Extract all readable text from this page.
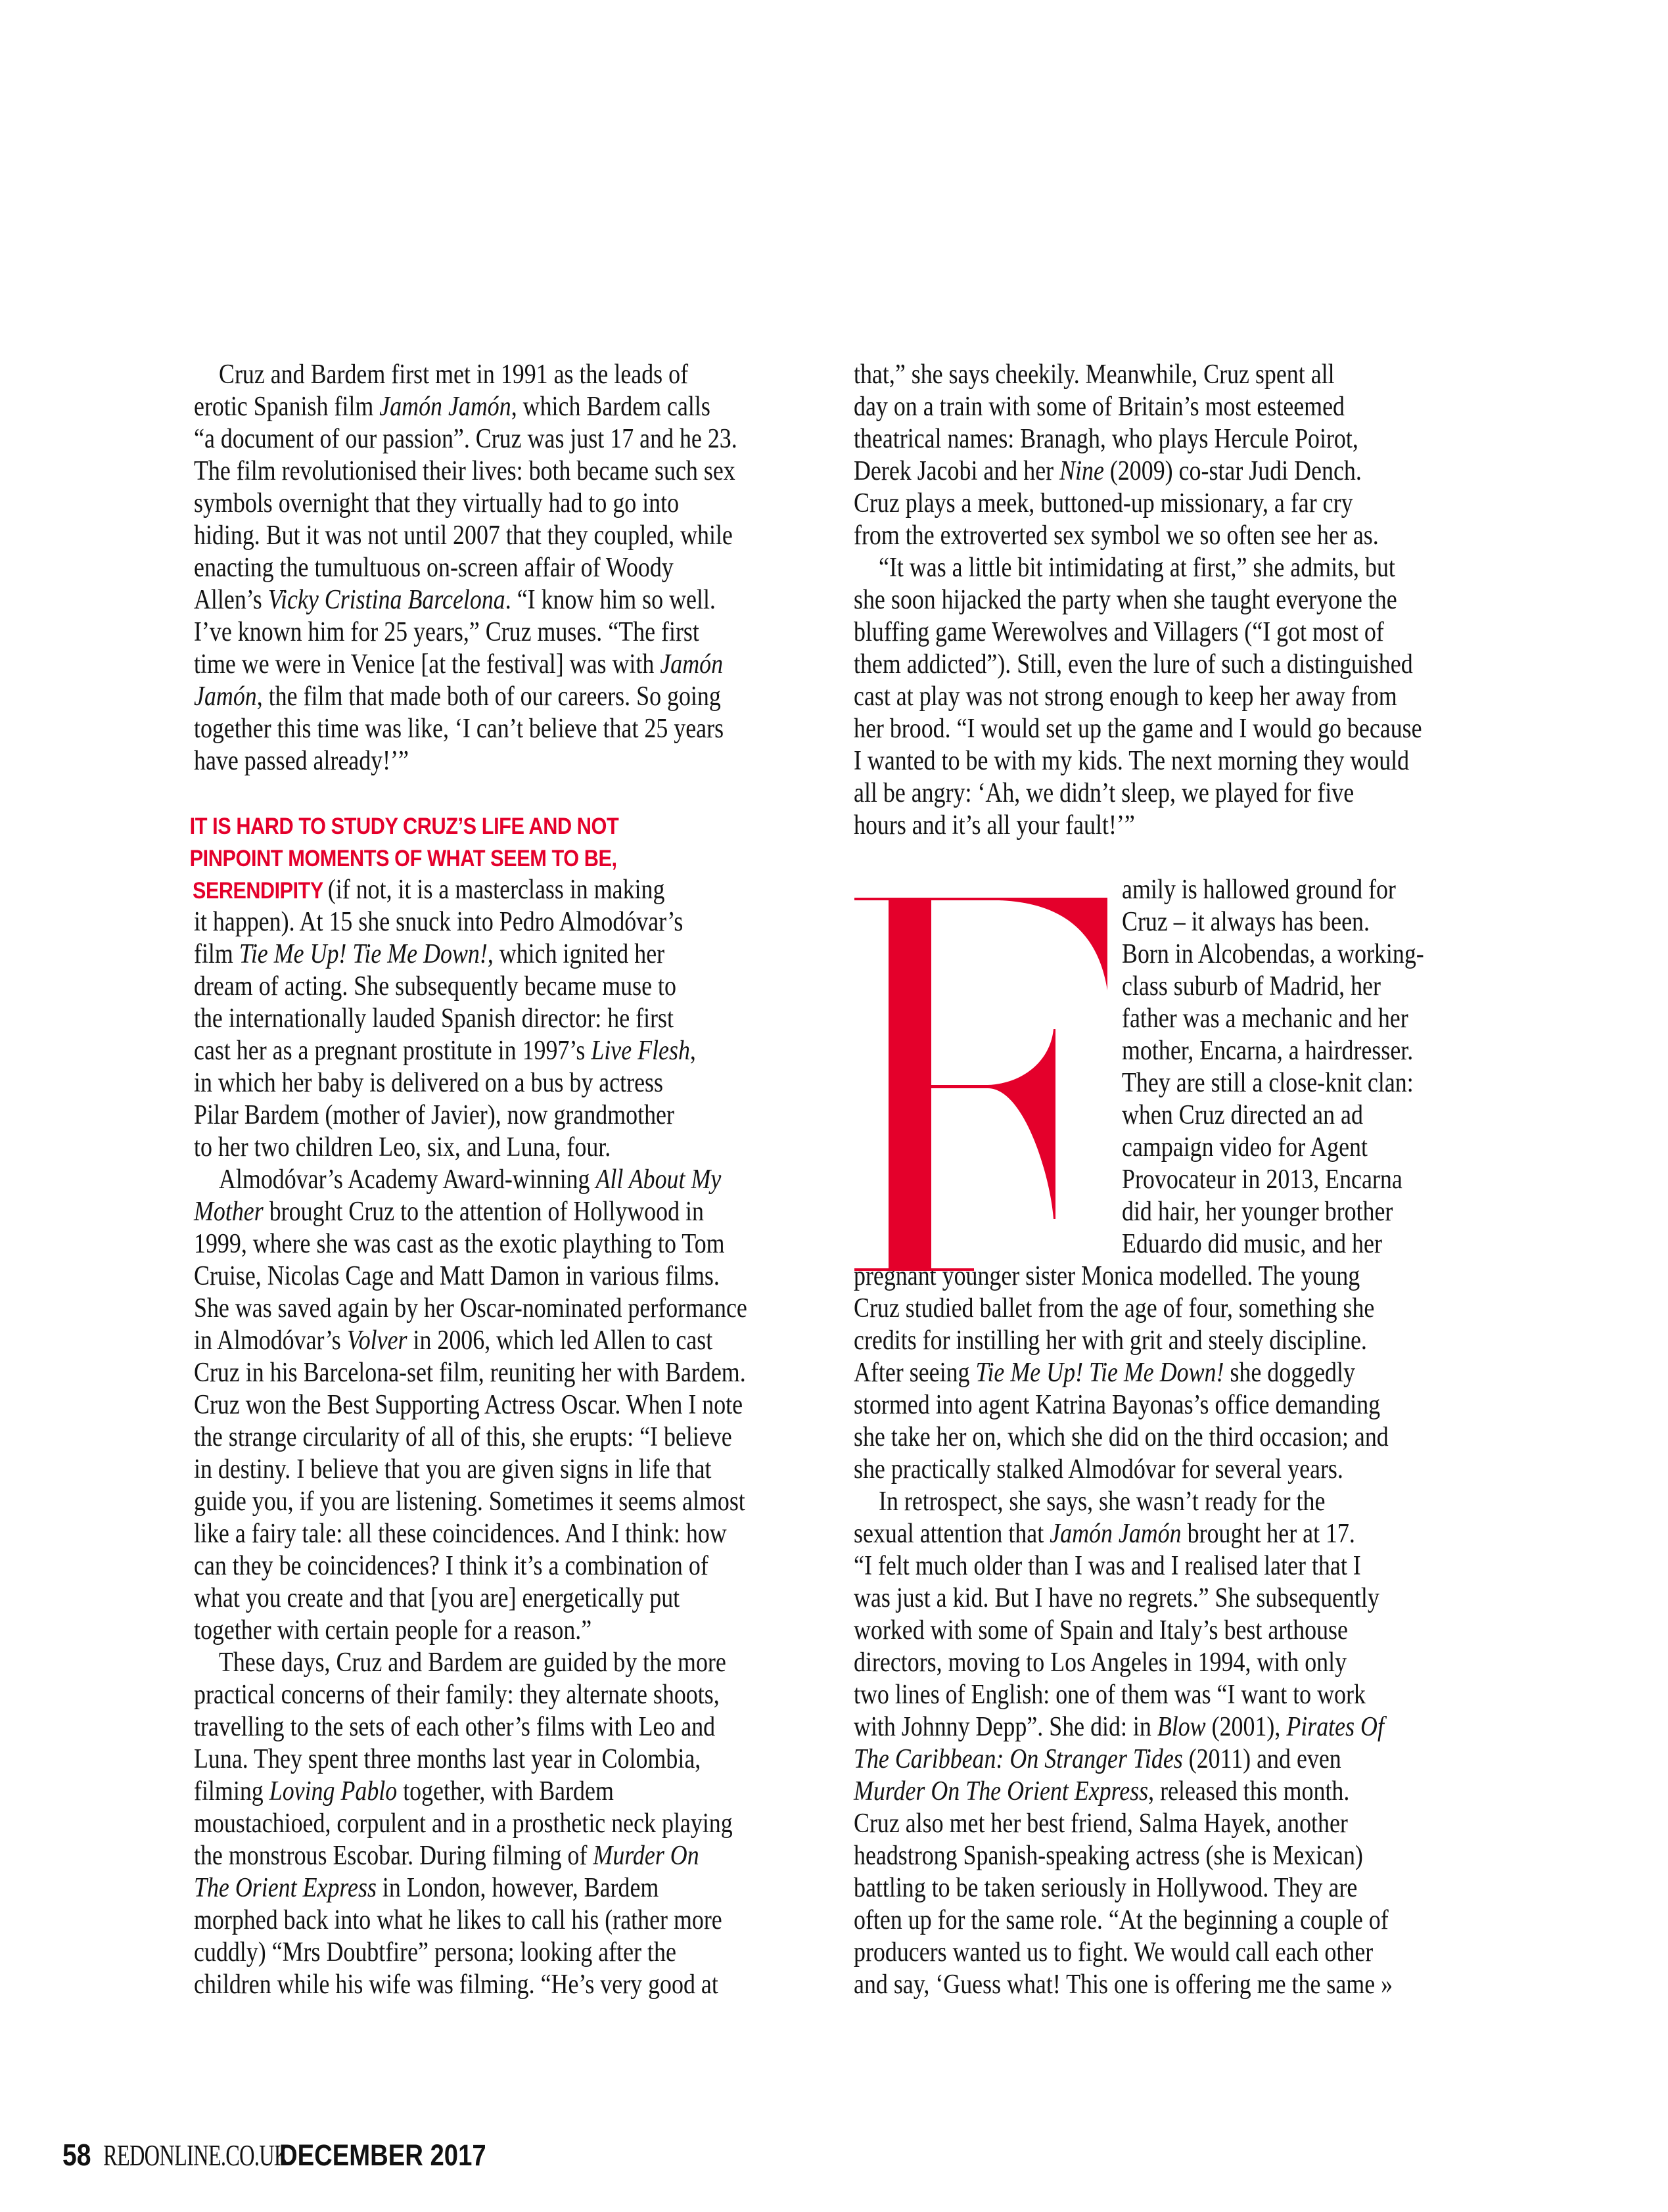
Cruz and Bardem first met in 1991 as the leads of
erotic Spanish film Jamón Jamón, which Bardem calls
“a document of our passion”. Cruz was just 17 and he 23.
The film revolutionised their lives: both became such sex
symbols overnight that they virtually had to go into
hiding. But it was not until 2007 that they coupled, while
enacting the tumultuous on-screen affair of Woody
Allen’s Vicky Cristina Barcelona. “I know him so well.
I’ve known him for 25 years,” Cruz muses. “The first
time we were in Venice [at the festival] was with Jamón
Jamón, the film that made both of our careers. So going
together this time was like, ‘I can’t believe that 25 years
have passed already!’”
IT IS HARD TO STUDY CRUZ’S LIFE AND NOT
PINPOINT MOMENTS OF WHAT SEEM TO BE,
SERENDIPITY (if not, it is a masterclass in making
it happen). At 15 she snuck into Pedro Almodóvar’s
film Tie Me Up! Tie Me Down!, which ignited her
dream of acting. She subsequently became muse to
the internationally lauded Spanish director: he first
cast her as a pregnant prostitute in 1997’s Live Flesh,
in which her baby is delivered on a bus by actress
Pilar Bardem (mother of Javier), now grandmother
to her two children Leo, six, and Luna, four.
Almodóvar’s Academy Award-winning All About My
Mother brought Cruz to the attention of Hollywood in
1999, where she was cast as the exotic plaything to Tom
Cruise, Nicolas Cage and Matt Damon in various films.
She was saved again by her Oscar-nominated performance
in Almodóvar’s Volver in 2006, which led Allen to cast
Cruz in his Barcelona-set film, reuniting her with Bardem.
Cruz won the Best Supporting Actress Oscar. When I note
the strange circularity of all of this, she erupts: “I believe
in destiny. I believe that you are given signs in life that
guide you, if you are listening. Sometimes it seems almost
like a fairy tale: all these coincidences. And I think: how
can they be coincidences? I think it’s a combination of
what you create and that [you are] energetically put
together with certain people for a reason.”
These days, Cruz and Bardem are guided by the more
practical concerns of their family: they alternate shoots,
travelling to the sets of each other’s films with Leo and
Luna. They spent three months last year in Colombia,
filming Loving Pablo together, with Bardem
moustachioed, corpulent and in a prosthetic neck playing
the monstrous Escobar. During filming of Murder On
The Orient Express in London, however, Bardem
morphed back into what he likes to call his (rather more
cuddly) “Mrs Doubtfire” persona; looking after the
children while his wife was filming. “He’s very good at
that,” she says cheekily. Meanwhile, Cruz spent all
day on a train with some of Britain’s most esteemed
theatrical names: Branagh, who plays Hercule Poirot,
Derek Jacobi and her Nine (2009) co-star Judi Dench.
Cruz plays a meek, buttoned-up missionary, a far cry
from the extroverted sex symbol we so often see her as.
“It was a little bit intimidating at first,” she admits, but
she soon hijacked the party when she taught everyone the
bluffing game Werewolves and Villagers (“I got most of
them addicted”). Still, even the lure of such a distinguished
cast at play was not strong enough to keep her away from
her brood. “I would set up the game and I would go because
I wanted to be with my kids. The next morning they would
all be angry: ‘Ah, we didn’t sleep, we played for five
hours and it’s all your fault!’”
amily is hallowed ground for
Cruz – it always has been.
Born in Alcobendas, a working-
class suburb of Madrid, her
father was a mechanic and her
mother, Encarna, a hairdresser.
They are still a close-knit clan:
when Cruz directed an ad
campaign video for Agent
Provocateur in 2013, Encarna
did hair, her younger brother
Eduardo did music, and her
pregnant younger sister Monica modelled. The young
Cruz studied ballet from the age of four, something she
credits for instilling her with grit and steely discipline.
After seeing Tie Me Up! Tie Me Down! she doggedly
stormed into agent Katrina Bayonas’s office demanding
she take her on, which she did on the third occasion; and
she practically stalked Almodóvar for several years.
In retrospect, she says, she wasn’t ready for the
sexual attention that Jamón Jamón brought her at 17.
“I felt much older than I was and I realised later that I
was just a kid. But I have no regrets.” She subsequently
worked with some of Spain and Italy’s best arthouse
directors, moving to Los Angeles in 1994, with only
two lines of English: one of them was “I want to work
with Johnny Depp”. She did: in Blow (2001), Pirates Of
The Caribbean: On Stranger Tides (2011) and even
Murder On The Orient Express, released this month.
Cruz also met her best friend, Salma Hayek, another
headstrong Spanish-speaking actress (she is Mexican)
battling to be taken seriously in Hollywood. They are
often up for the same role. “At the beginning a couple of
producers wanted us to fight. We would call each other
and say, ‘Guess what! This one is offering me the same »
58 REDONLINE.CO.UK
DECEMBER 2017
